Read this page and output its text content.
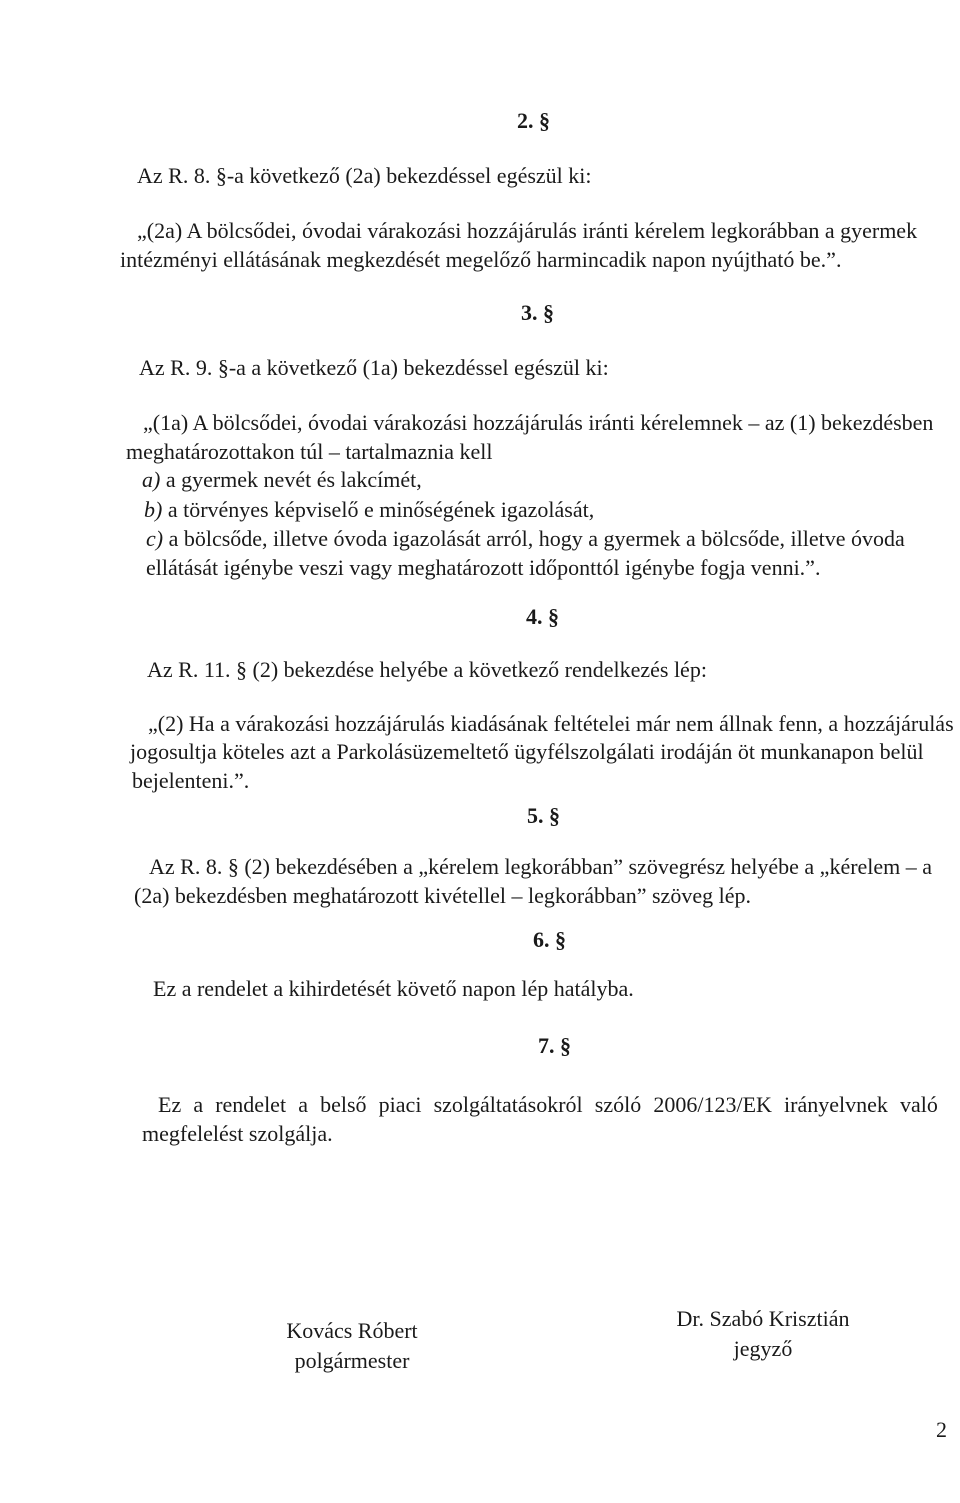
2. §
Az R. 8. §-a következő (2a) bekezdéssel egészül ki:
„(2a) A bölcsődei, óvodai várakozási hozzájárulás iránti kérelem legkorábban a gyermek
intézményi ellátásának megkezdését megelőző harmincadik napon nyújtható be.”.
3. §
Az R. 9. §-a a következő (1a) bekezdéssel egészül ki:
„(1a) A bölcsődei, óvodai várakozási hozzájárulás iránti kérelemnek – az (1) bekezdésben
meghatározottakon túl – tartalmaznia kell
a) a gyermek nevét és lakcímét,
b) a törvényes képviselő e minőségének igazolását,
c) a bölcsőde, illetve óvoda igazolását arról, hogy a gyermek a bölcsőde, illetve óvoda
ellátását igénybe veszi vagy meghatározott időponttól igénybe fogja venni.”.
4. §
Az R. 11. § (2) bekezdése helyébe a következő rendelkezés lép:
„(2) Ha a várakozási hozzájárulás kiadásának feltételei már nem állnak fenn, a hozzájárulás
jogosultja köteles azt a Parkolásüzemeltető ügyfélszolgálati irodáján öt munkanapon belül
bejelenteni.”.
5. §
Az R. 8. § (2) bekezdésében a „kérelem legkorábban” szövegrész helyébe a „kérelem – a
(2a) bekezdésben meghatározott kivétellel – legkorábban” szöveg lép.
6. §
Ez a rendelet a kihirdetését követő napon lép hatályba.
7. §
Ez a rendelet a belső piaci szolgáltatásokról szóló 2006/123/EK irányelvnek való
megfelelést szolgálja.
Kovács Róbert
polgármester
Dr. Szabó Krisztián
jegyző
2
